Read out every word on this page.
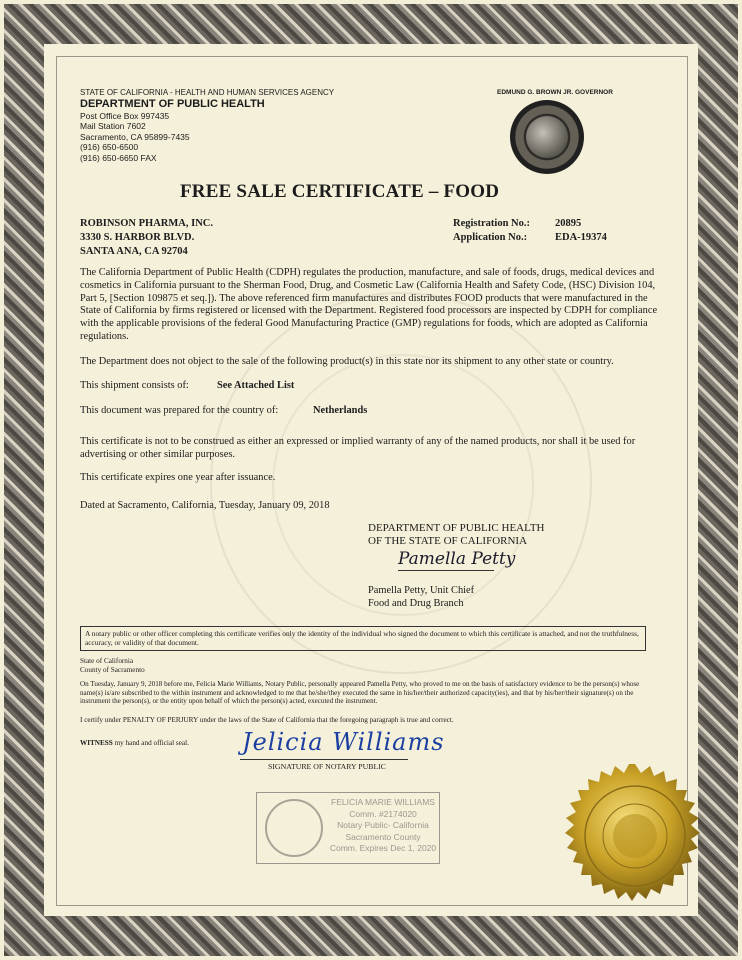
STATE OF CALIFORNIA - HEALTH AND HUMAN SERVICES AGENCY
DEPARTMENT OF PUBLIC HEALTH
Post Office Box 997435
Mail Station 7602
Sacramento, CA 95899-7435
(916) 650-6500
(916) 650-6650 FAX
EDMUND G. BROWN JR. GOVERNOR
FREE SALE CERTIFICATE – FOOD
ROBINSON PHARMA, INC.
3330 S. HARBOR BLVD.
SANTA ANA, CA 92704
Registration No.:
Application No.:
20895
EDA-19374
The California Department of Public Health (CDPH) regulates the production, manufacture, and sale of foods, drugs, medical devices and cosmetics in California pursuant to the Sherman Food, Drug, and Cosmetic Law (California Health and Safety Code, (HSC) Division 104, Part 5, [Section 109875 et seq.]). The above referenced firm manufactures and distributes FOOD products that were manufactured in the State of California by firms registered or licensed with the Department. Registered food processors are inspected by CDPH for compliance with the applicable provisions of the federal Good Manufacturing Practice (GMP) regulations for foods, which are adopted as California regulations.
The Department does not object to the sale of the following product(s) in this state nor its shipment to any other state or country.
This shipment consists of:	See Attached List
This document was prepared for the country of:	Netherlands
This certificate is not to be construed as either an expressed or implied warranty of any of the named products, nor shall it be used for advertising or other similar purposes.
This certificate expires one year after issuance.
Dated at Sacramento, California, Tuesday, January 09, 2018
DEPARTMENT OF PUBLIC HEALTH
OF THE STATE OF CALIFORNIA
Pamella Petty
Pamella Petty, Unit Chief
Food and Drug Branch
A notary public or other officer completing this certificate verifies only the identity of the individual who signed the document to which this certificate is attached, and not the truthfulness, accuracy, or validity of that document.
State of California
County of Sacramento
On Tuesday, January 9, 2018 before me, Felicia Marie Williams, Notary Public, personally appeared Pamella Petty, who proved to me on the basis of satisfactory evidence to be the person(s) whose name(s) is/are subscribed to the within instrument and acknowledged to me that he/she/they executed the same in his/her/their authorized capacity(ies), and that by his/her/their signature(s) on the instrument the person(s), or the entity upon behalf of which the person(s) acted, executed the instrument.
I certify under PENALTY OF PERJURY under the laws of the State of California that the foregoing paragraph is true and correct.
WITNESS my hand and official seal. Jelicia Williams
SIGNATURE OF NOTARY PUBLIC
FELICIA MARIE WILLIAMS
Comm. #2174020
Notary Public- California
Sacramento County
Comm. Expires Dec 1, 2020
